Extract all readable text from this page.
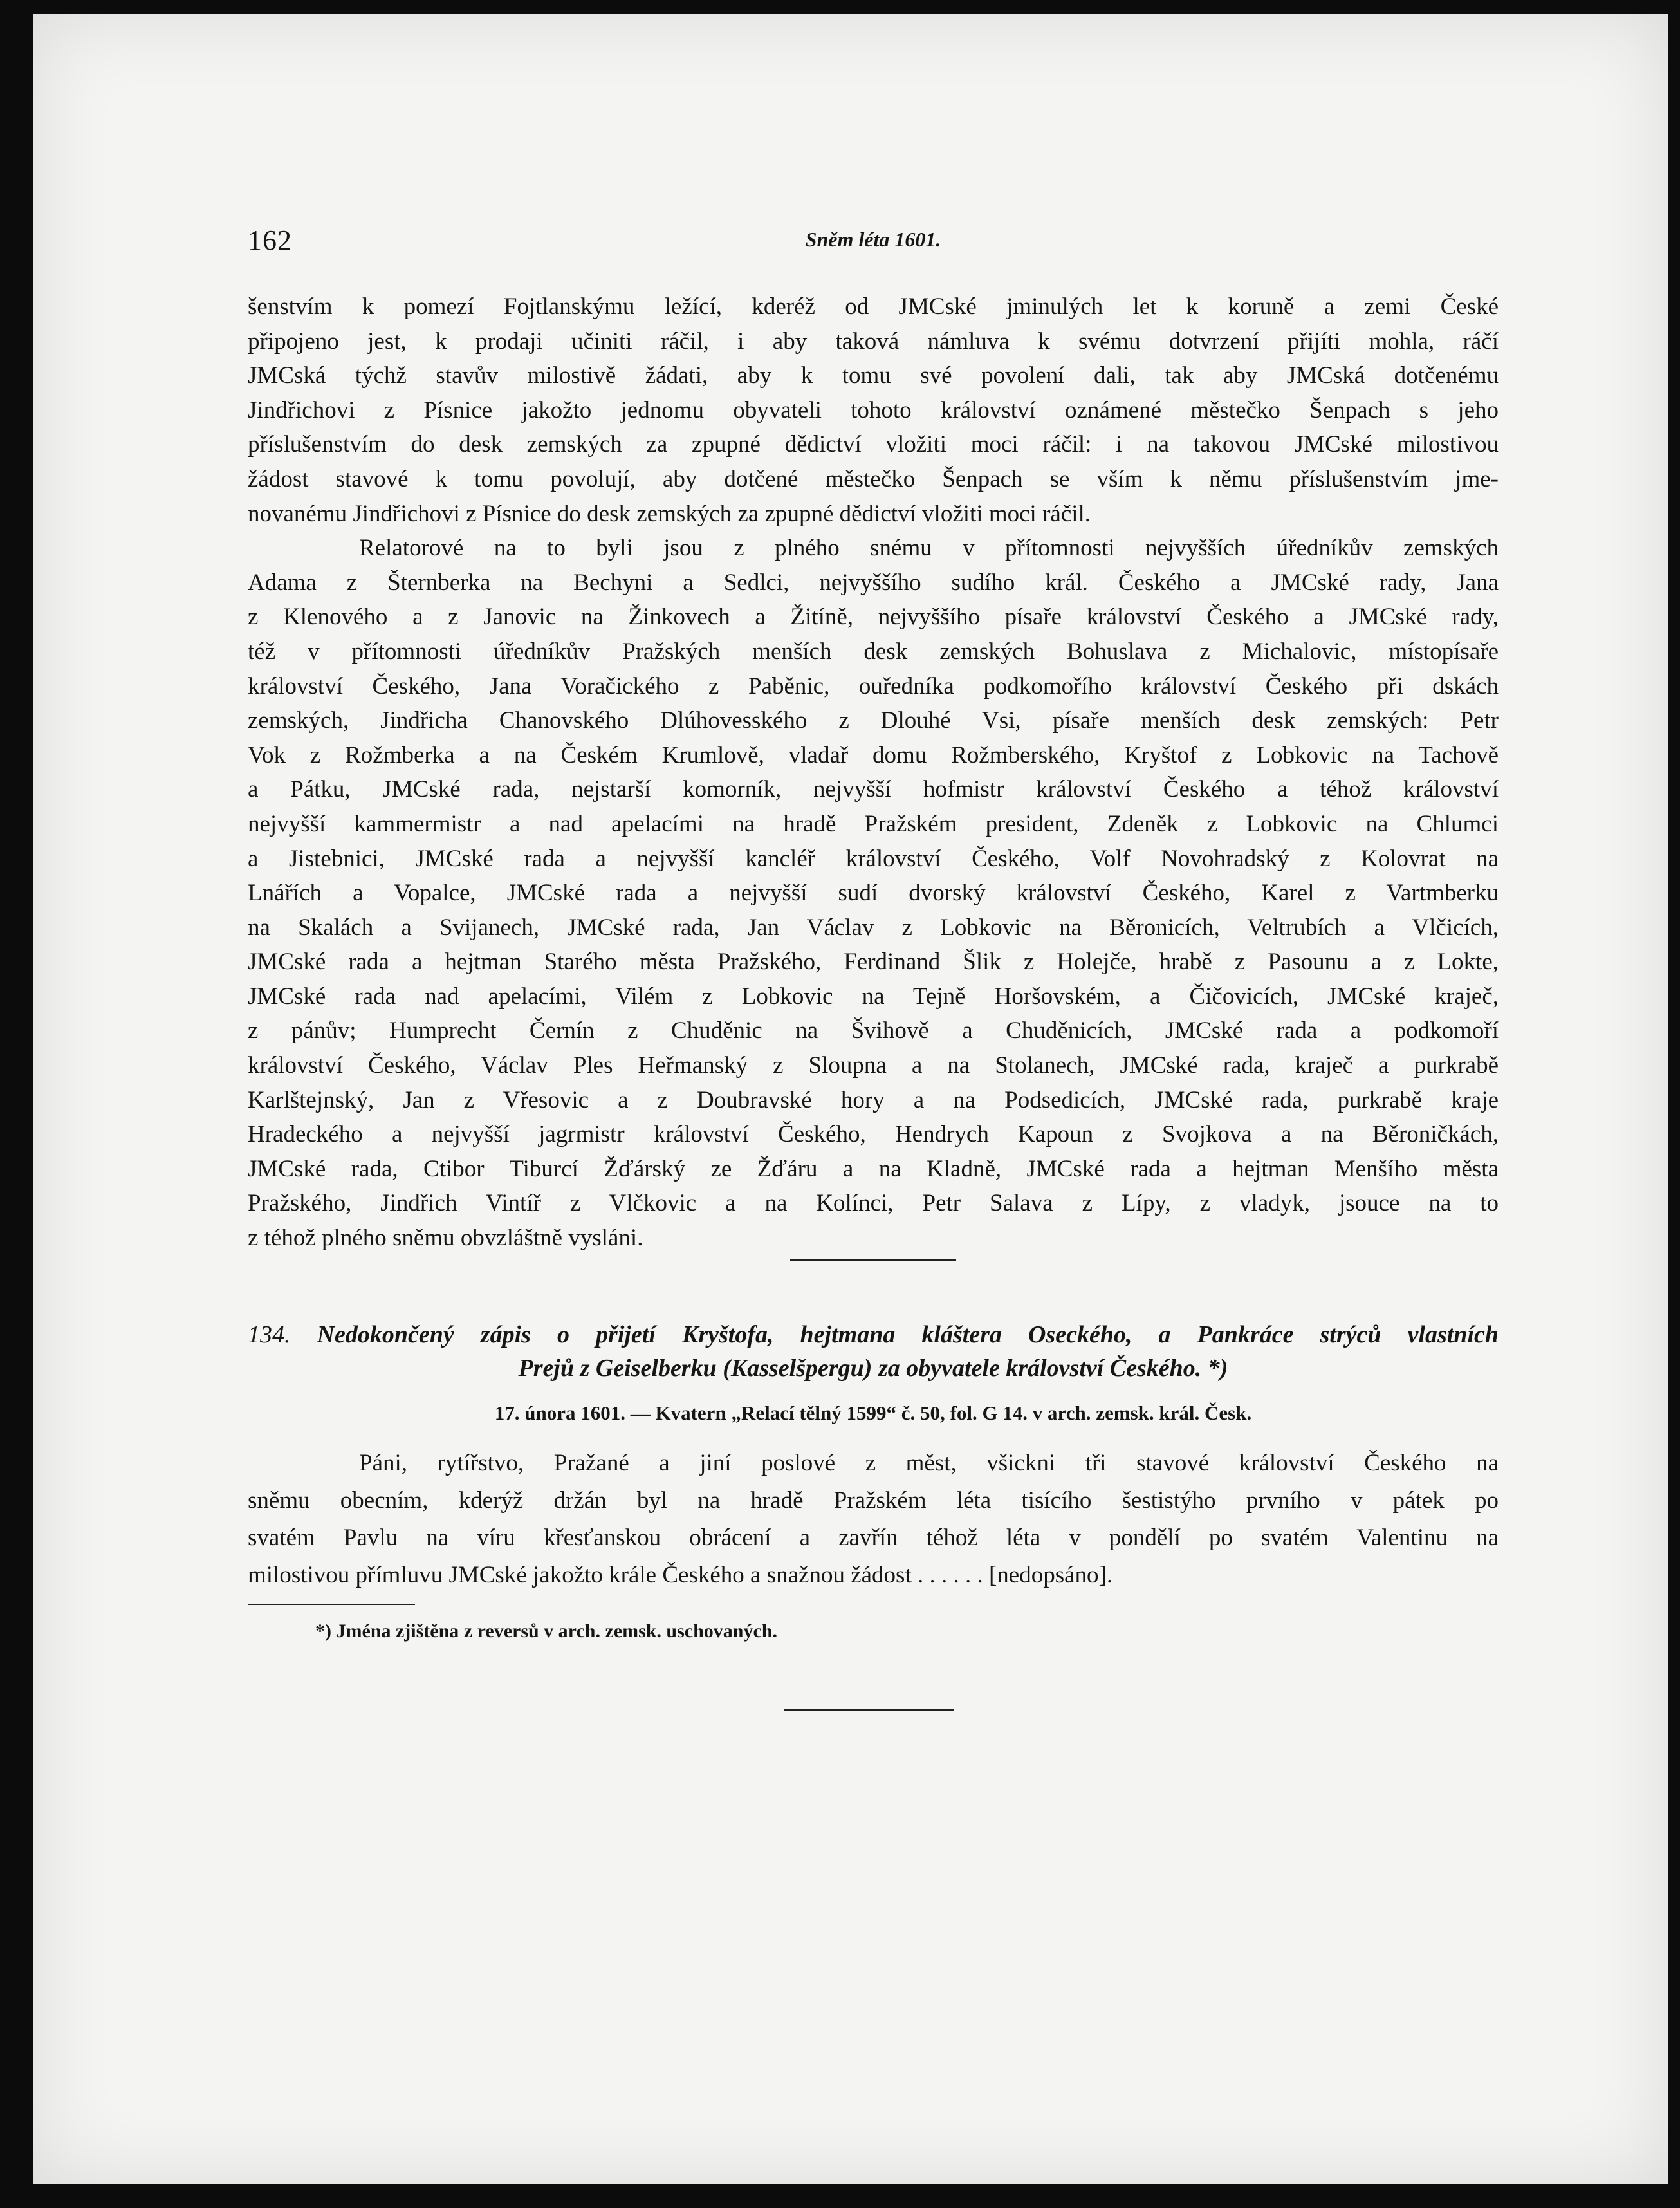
162	Sněm léta 1601.
šenstvím k pomezí Fojtlanskýmu ležící, kderéž od JMCské jminulých let k koruně a zemi České
připojeno jest, k prodaji učiniti ráčil, i aby taková námluva k svému dotvrzení přijíti mohla, ráčí
JMCská týchž stavův milostivě žádati, aby k tomu své povolení dali, tak aby JMCská dotčenému
Jindřichovi z Písnice jakožto jednomu obyvateli tohoto království oznámené městečko Šenpach s jeho
příslušenstvím do desk zemských za zpupné dědictví vložiti moci ráčil: i na takovou JMCské milostivou
žádost stavové k tomu povolují, aby dotčené městečko Šenpach se vším k němu příslušenstvím jme-
novanému Jindřichovi z Písnice do desk zemských za zpupné dědictví vložiti moci ráčil.
Relatorové na to byli jsou z plného snému v přítomnosti nejvyšších úředníkův zemských
Adama z Šternberka na Bechyni a Sedlci, nejvyššího sudího král. Českého a JMCské rady, Jana
z Klenového a z Janovic na Žinkovech a Žitíně, nejvyššího písaře království Českého a JMCské rady,
též v přítomnosti úředníkův Pražských menších desk zemských Bohuslava z Michalovic, místopísaře
království Českého, Jana Voračického z Paběnic, ouředníka podkomořího království Českého při dskách
zemských, Jindřicha Chanovského Dlúhovesského z Dlouhé Vsi, písaře menších desk zemských: Petr
Vok z Rožmberka a na Českém Krumlově, vladař domu Rožmberského, Kryštof z Lobkovic na Tachově
a Pátku, JMCské rada, nejstarší komorník, nejvyšší hofmistr království Českého a téhož království
nejvyšší kammermistr a nad apelacími na hradě Pražském president, Zdeněk z Lobkovic na Chlumci
a Jistebnici, JMCské rada a nejvyšší kancléř království Českého, Volf Novohradský z Kolovrat na
Lnářích a Vopalce, JMCské rada a nejvyšší sudí dvorský království Českého, Karel z Vartmberku
na Skalách a Svijanech, JMCské rada, Jan Václav z Lobkovic na Běronicích, Veltrubích a Vlčicích,
JMCské rada a hejtman Starého města Pražského, Ferdinand Šlik z Holejče, hrabě z Pasounu a z Lokte,
JMCské rada nad apelacími, Vilém z Lobkovic na Tejně Horšovském, a Čičovicích, JMCské kraječ,
z pánův; Humprecht Černín z Chuděnic na Švihově a Chuděnicích, JMCské rada a podkomoří
království Českého, Václav Ples Heřmanský z Sloupna a na Stolanech, JMCské rada, kraječ a purkrabě
Karlštejnský, Jan z Vřesovic a z Doubravské hory a na Podsedicích, JMCské rada, purkrabě kraje
Hradeckého a nejvyšší jagrmistr království Českého, Hendrych Kapoun z Svojkova a na Běroničkách,
JMCské rada, Ctibor Tiburcí Žďárský ze Žďáru a na Kladně, JMCské rada a hejtman Menšího města
Pražského, Jindřich Vintíř z Vlčkovic a na Kolínci, Petr Salava z Lípy, z vladyk, jsouce na to
z téhož plného sněmu obvzláštně vysláni.
134. Nedokončený zápis o přijetí Kryštofa, hejtmana kláštera Oseckého, a Pankráce strýců vlastních
Prejů z Geiselberku (Kasselšpergu) za obyvatele království Českého. *)
17. února 1601. — Kvatern „Relací tělný 1599“ č. 50, fol. G 14. v arch. zemsk. král. Česk.
Páni, rytířstvo, Pražané a jiní poslové z měst, všickni tři stavové království Českého na
sněmu obecním, kderýž držán byl na hradě Pražském léta tisícího šestistýho prvního v pátek po
svatém Pavlu na víru křesťanskou obrácení a zavřín téhož léta v pondělí po svatém Valentinu na
milostivou přímluvu JMCské jakožto krále Českého a snažnou žádost . . . . . . [nedopsáno].
*) Jména zjištěna z reversů v arch. zemsk. uschovaných.
